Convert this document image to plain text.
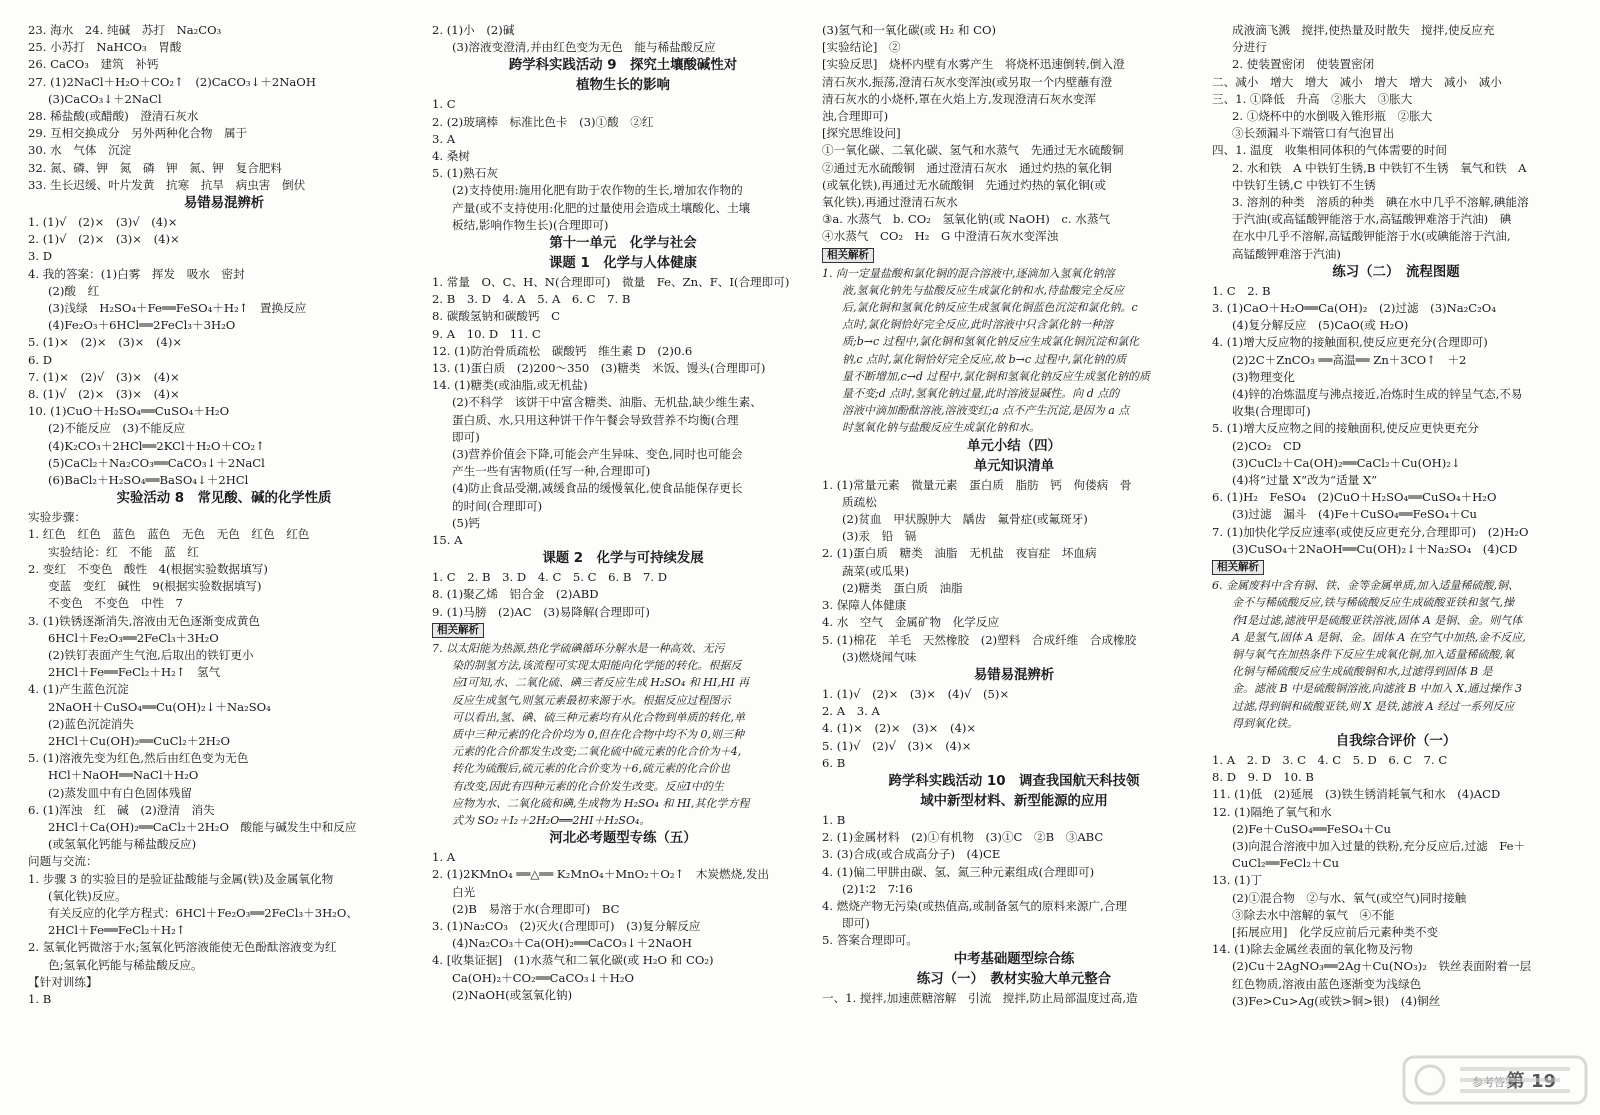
23. 海水　24. 纯碱　苏打　Na₂CO₃
25. 小苏打　NaHCO₃　胃酸
26. CaCO₃　建筑　补钙
27. (1)2NaCl＋H₂O＋CO₂↑　(2)CaCO₃↓＋2NaOH
(3)CaCO₃↓＋2NaCl
28. 稀盐酸(或醋酸)　澄清石灰水
29. 互相交换成分　另外两种化合物　属于
30. 水　气体　沉淀
32. 氮、磷、钾　氮　磷　钾　氮、钾　复合肥料
33. 生长迟缓、叶片发黄　抗寒　抗旱　病虫害　倒伏
易错易混辨析
1. (1)√　(2)×　(3)√　(4)×
2. (1)√　(2)×　(3)×　(4)×
3. D
4. 我的答案：(1)白雾　挥发　吸水　密封
(2)酸　红
(3)浅绿　H₂SO₄＋Fe══FeSO₄＋H₂↑　置换反应
(4)Fe₂O₃＋6HCl══2FeCl₃＋3H₂O
5. (1)×　(2)×　(3)×　(4)×
6. D
7. (1)×　(2)√　(3)×　(4)×
8. (1)√　(2)×　(3)×　(4)×
10. (1)CuO＋H₂SO₄══CuSO₄＋H₂O
(2)不能反应　(3)不能反应
(4)K₂CO₃＋2HCl══2KCl＋H₂O＋CO₂↑
(5)CaCl₂＋Na₂CO₃══CaCO₃↓＋2NaCl
(6)BaCl₂＋H₂SO₄══BaSO₄↓＋2HCl
实验活动 8　常见酸、碱的化学性质
实验步骤：
1. 红色　红色　蓝色　蓝色　无色　无色　红色　红色
实验结论：红　不能　蓝　红
2. 变红　不变色　酸性　4(根据实验数据填写)
变蓝　变红　碱性　9(根据实验数据填写)
不变色　不变色　中性　7
3. (1)铁锈逐渐消失,溶液由无色逐渐变成黄色
6HCl＋Fe₂O₃══2FeCl₃＋3H₂O
(2)铁钉表面产生气泡,后取出的铁钉更小
2HCl＋Fe══FeCl₂＋H₂↑　氢气
4. (1)产生蓝色沉淀
2NaOH＋CuSO₄══Cu(OH)₂↓＋Na₂SO₄
(2)蓝色沉淀消失
2HCl＋Cu(OH)₂══CuCl₂＋2H₂O
5. (1)溶液先变为红色,然后由红色变为无色
HCl＋NaOH══NaCl＋H₂O
(2)蒸发皿中有白色固体残留
6. (1)浑浊　红　碱　(2)澄清　消失
2HCl＋Ca(OH)₂══CaCl₂＋2H₂O　酸能与碱发生中和反应
(或氢氧化钙能与稀盐酸反应)
问题与交流：
1. 步骤 3 的实验目的是验证盐酸能与金属(铁)及金属氧化物
(氧化铁)反应。
有关反应的化学方程式：6HCl＋Fe₂O₃══2FeCl₃＋3H₂O、
2HCl＋Fe══FeCl₂＋H₂↑
2. 氢氧化钙微溶于水;氢氧化钙溶液能使无色酚酞溶液变为红
色;氢氧化钙能与稀盐酸反应。
【针对训练】
1. B
2. (1)小　(2)碱
(3)溶液变澄清,并由红色变为无色　能与稀盐酸反应
跨学科实践活动 9　探究土壤酸碱性对
植物生长的影响
1. C
2. (2)玻璃棒　标准比色卡　(3)①酸　②红
3. A
4. 桑树
5. (1)熟石灰
(2)支持使用:施用化肥有助于农作物的生长,增加农作物的
产量(或不支持使用:化肥的过量使用会造成土壤酸化、土壤
板结,影响作物生长)(合理即可)
第十一单元　化学与社会
课题 1　化学与人体健康
1. 常量　O、C、H、N(合理即可)　微量　Fe、Zn、F、I(合理即可)
2. B　3. D　4. A　5. A　6. C　7. B
8. 碳酸氢钠和碳酸钙　C
9. A　10. D　11. C
12. (1)防治骨质疏松　碳酸钙　维生素 D　(2)0.6
13. (1)蛋白质　(2)200～350　(3)糖类　米饭、馒头(合理即可)
14. (1)糖类(或油脂,或无机盐)
(2)不科学　该饼干中富含糖类、油脂、无机盐,缺少维生素、
蛋白质、水,只用这种饼干作午餐会导致营养不均衡(合理
即可)
(3)营养价值会下降,可能会产生异味、变色,同时也可能会
产生一些有害物质(任写一种,合理即可)
(4)防止食品受潮,减缓食品的缓慢氧化,使食品能保存更长
的时间(合理即可)
(5)钙
15. A
课题 2　化学与可持续发展
1. C　2. B　3. D　4. C　5. C　6. B　7. D
8. (1)聚乙烯　铝合金　(2)ABD
9. (1)马膀　(2)AC　(3)易降解(合理即可)
相关解析
7. 以太阳能为热源,热化学硫碘循环分解水是一种高效、无污
染的制氢方法,该流程可实现太阳能向化学能的转化。根据反
应Ⅰ可知,水、二氧化硫、碘三者反应生成 H₂SO₄ 和 HI,HI 再
反应生成氢气,则氢元素最初来源于水。根据反应过程图示
可以看出,氢、碘、硫三种元素均有从化合物到单质的转化,单
质中三种元素的化合价均为 0,但在化合物中均不为 0,则三种
元素的化合价都发生改变;二氧化硫中硫元素的化合价为＋4,
转化为硫酸后,硫元素的化合价变为＋6,硫元素的化合价也
有改变,因此有四种元素的化合价发生改变。反应Ⅰ中的生
应物为水、二氧化硫和碘,生成物为 H₂SO₄ 和 HI,其化学方程
式为 SO₂＋I₂＋2H₂O══2HI＋H₂SO₄。
河北必考题型专练（五）
1. A
2. (1)2KMnO₄ ══△══ K₂MnO₄＋MnO₂＋O₂↑　木炭燃烧,发出
白光
(2)B　易溶于水(合理即可)　BC
3. (1)Na₂CO₃　(2)灭火(合理即可)　(3)复分解反应
(4)Na₂CO₃＋Ca(OH)₂══CaCO₃↓＋2NaOH
4. [收集证据]　(1)水蒸气和二氧化碳(或 H₂O 和 CO₂)
Ca(OH)₂＋CO₂══CaCO₃↓＋H₂O
(2)NaOH(或氢氧化钠)
(3)氢气和一氧化碳(或 H₂ 和 CO)
[实验结论]　②
[实验反思]　烧杯内壁有水雾产生　将烧杯迅速倒转,倒入澄
清石灰水,振荡,澄清石灰水变浑浊(或另取一个内壁蘸有澄
清石灰水的小烧杯,罩在火焰上方,发现澄清石灰水变浑
浊,合理即可)
[探究思维设问]
①一氧化碳、二氧化碳、氢气和水蒸气　先通过无水硫酸铜
②通过无水硫酸铜　通过澄清石灰水　通过灼热的氧化铜
(或氧化铁),再通过无水硫酸铜　先通过灼热的氧化铜(或
氧化铁),再通过澄清石灰水
③a. 水蒸气　b. CO₂　氢氧化钠(或 NaOH)　c. 水蒸气
④水蒸气　CO₂　H₂　G 中澄清石灰水变浑浊
相关解析
1. 向一定量盐酸和氯化铜的混合溶液中,逐滴加入氢氧化钠溶
液,氢氧化钠先与盐酸反应生成氯化钠和水,待盐酸完全反应
后,氯化铜和氢氧化钠反应生成氢氧化铜蓝色沉淀和氯化钠。c
点时,氯化铜恰好完全反应,此时溶液中只含氯化钠一种溶
质;b→c 过程中,氯化铜和氢氧化钠反应生成氯化铜沉淀和氯化
钠,c 点时,氯化铜恰好完全反应,故 b→c 过程中,氯化钠的质
量不断增加,c→d 过程中,氯化铜和氢氧化钠反应生成氢化钠的质
量不变;d 点时,氢氧化钠过量,此时溶液显碱性。向 d 点的
溶液中滴加酚酞溶液,溶液变红;a 点不产生沉淀,是因为 a 点
时氢氧化钠与盐酸反应生成氯化钠和水。
单元小结（四）
单元知识清单
1. (1)常量元素　微量元素　蛋白质　脂肪　钙　佝偻病　骨
质疏松
(2)贫血　甲状腺肿大　龋齿　氟骨症(或氟斑牙)
(3)汞　铅　镉
2. (1)蛋白质　糖类　油脂　无机盐　夜盲症　坏血病
蔬菜(或瓜果)
(2)糖类　蛋白质　油脂
3. 保障人体健康
4. 水　空气　金属矿物　化学反应
5. (1)棉花　羊毛　天然橡胶　(2)塑料　合成纤维　合成橡胶
(3)燃烧闻气味
易错易混辨析
1. (1)√　(2)×　(3)×　(4)√　(5)×
2. A　3. A
4. (1)×　(2)×　(3)×　(4)×
5. (1)√　(2)√　(3)×　(4)×
6. B
跨学科实践活动 10　调查我国航天科技领
域中新型材料、新型能源的应用
1. B
2. (1)金属材料　(2)①有机物　(3)①C　②B　③ABC
3. (3)合成(或合成高分子)　(4)CE
4. (1)偏二甲肼由碳、氢、氮三种元素组成(合理即可)
(2)1∶2　7∶16
4. 燃烧产物无污染(或热值高,或制备氢气的原料来源广,合理
即可)
5. 答案合理即可。
中考基础题型综合练
练习（一）　教材实验大单元整合
一、1. 搅拌,加速蔗糖溶解　引流　搅拌,防止局部温度过高,造
成液滴飞溅　搅拌,使热量及时散失　搅拌,使反应充
分进行
2. 使装置密闭　使装置密闭
二、减小　增大　增大　减小　增大　增大　减小　减小
三、1. ①降低　升高　②胀大　③胀大
2. ①烧杯中的水倒吸入锥形瓶　②胀大
③长颈漏斗下端管口有气泡冒出
四、1. 温度　收集相同体积的气体需要的时间
2. 水和铁　A 中铁钉生锈,B 中铁钉不生锈　氧气和铁　A
中铁钉生锈,C 中铁钉不生锈
3. 溶剂的种类　溶质的种类　碘在水中几乎不溶解,碘能溶
于汽油(或高锰酸钾能溶于水,高锰酸钾难溶于汽油)　碘
在水中几乎不溶解,高锰酸钾能溶于水(或碘能溶于汽油,
高锰酸钾难溶于汽油)
练习（二）　流程图题
1. C　2. B
3. (1)CaO＋H₂O══Ca(OH)₂　(2)过滤　(3)Na₂C₂O₄
(4)复分解反应　(5)CaO(或 H₂O)
4. (1)增大反应物的接触面积,使反应更充分(合理即可)
(2)2C＋ZnCO₃ ══高温══ Zn＋3CO↑　＋2
(3)物理变化
(4)锌的冶炼温度与沸点接近,冶炼时生成的锌呈气态,不易
收集(合理即可)
5. (1)增大反应物之间的接触面积,使反应更快更充分
(2)CO₂　CD
(3)CuCl₂＋Ca(OH)₂══CaCl₂＋Cu(OH)₂↓
(4)将“过量 X”改为“适量 X”
6. (1)H₂　FeSO₄　(2)CuO＋H₂SO₄══CuSO₄＋H₂O
(3)过滤　漏斗　(4)Fe＋CuSO₄══FeSO₄＋Cu
7. (1)加快化学反应速率(或使反应更充分,合理即可)　(2)H₂O
(3)CuSO₄＋2NaOH══Cu(OH)₂↓＋Na₂SO₄　(4)CD
相关解析
6. 金属废料中含有铜、铁、金等金属单质,加入适量稀硫酸,铜、
金不与稀硫酸反应,铁与稀硫酸反应生成硫酸亚铁和氢气,操
作Ⅰ是过滤,滤液甲是硫酸亚铁溶液,固体 A 是铜、金。则气体
A 是氢气,固体 A 是铜、金。固体 A 在空气中加热,金不反应,
铜与氧气在加热条件下反应生成氧化铜,加入适量稀硫酸,氧
化铜与稀硫酸反应生成硫酸铜和水,过滤得到固体 B 是
金。滤液 B 中是硫酸铜溶液,向滤液 B 中加入 X,通过操作 3
过滤,得到铜和硫酸亚铁,则 X 是铁,滤液 A 经过一系列反应
得到氧化铁。
自我综合评价（一）
1. A　2. D　3. C　4. C　5. D　6. C　7. C
8. D　9. D　10. B
11. (1)低　(2)延展　(3)铁生锈消耗氧气和水　(4)ACD
12. (1)隔绝了氧气和水
(2)Fe＋CuSO₄══FeSO₄＋Cu
(3)向混合溶液中加入过量的铁粉,充分反应后,过滤　Fe＋
CuCl₂══FeCl₂＋Cu
13. (1)丁
(2)①混合物　②与水、氧气(或空气)同时接触
③除去水中溶解的氧气　④不能
[拓展应用]　化学反应前后元素种类不变
14. (1)除去金属丝表面的氧化物及污物
(2)Cu＋2AgNO₃══2Ag＋Cu(NO₃)₂　铁丝表面附着一层
红色物质,溶液由蓝色逐渐变为浅绿色
(3)Fe>Cu>Ag(或铁>铜>银)　(4)铜丝
参考答案
